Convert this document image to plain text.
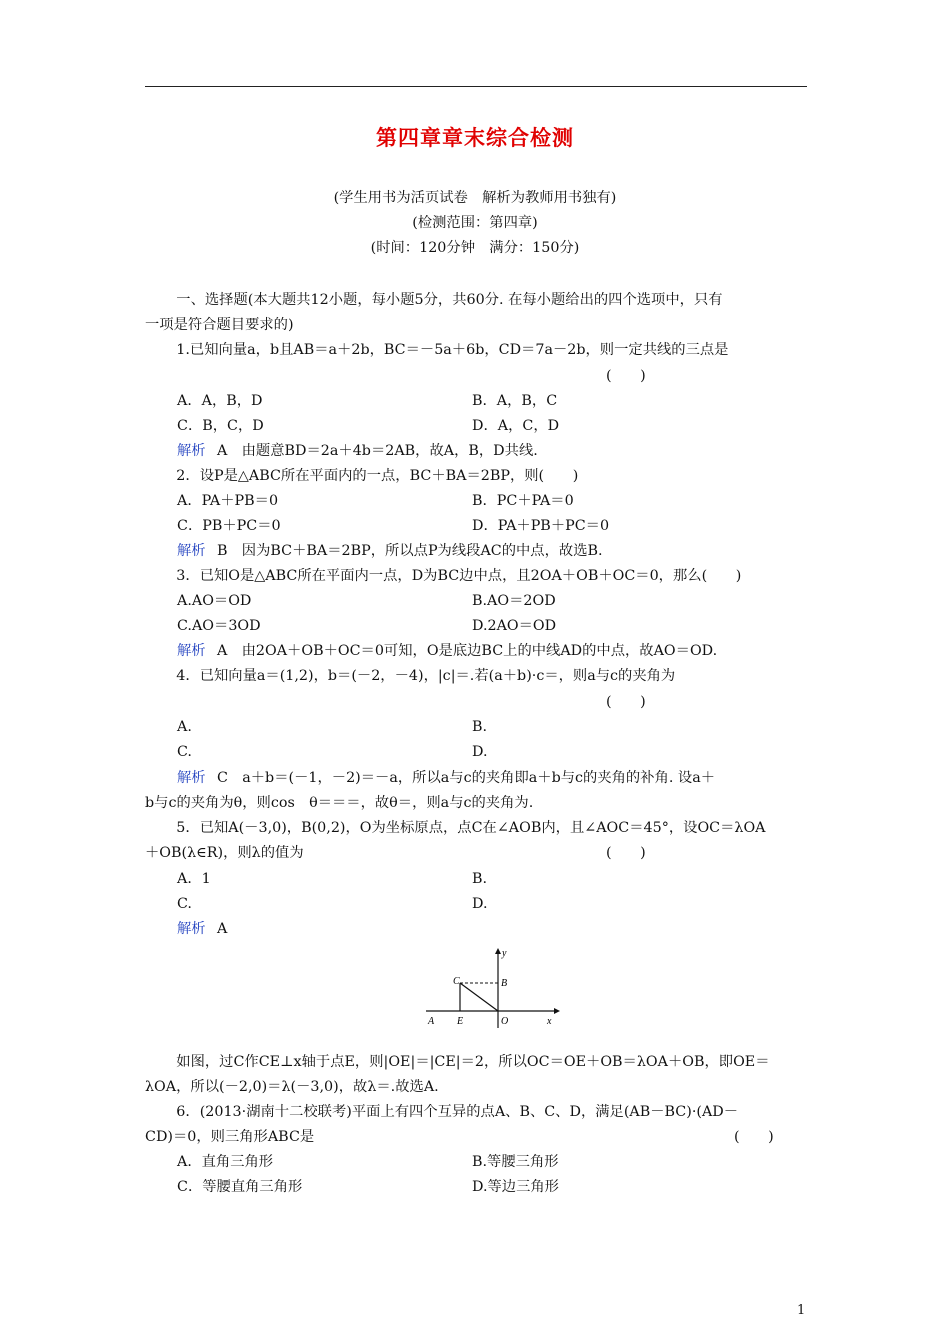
第四章章末综合检测
(学生用书为活页试卷　解析为教师用书独有)
(检测范围：第四章)
(时间：120分钟　满分：150分)
　一、选择题(本大题共12小题，每小题5分，共60分. 在每小题给出的四个选项中，只有
一项是符合题目要求的)
　1.已知向量a，b且AB＝a＋2b，BC＝－5a＋6b，CD＝7a－2b，则一定共线的三点是
(　　)
A．A，B，D	B．A，B，C
C．B，C，D	D．A，C，D
解析 A　由题意BD＝2a＋4b＝2AB，故A，B，D共线.
　2．设P是△ABC所在平面内的一点，BC＋BA＝2BP，则(　　)
A．PA＋PB＝0	B．PC＋PA＝0
C．PB＋PC＝0	D．PA＋PB＋PC＝0
解析 B　因为BC＋BA＝2BP，所以点P为线段AC的中点，故选B.
　3．已知O是△ABC所在平面内一点，D为BC边中点，且2OA＋OB＋OC＝0，那么(　　)
A.AO＝OD	B.AO＝2OD
C.AO＝3OD	D.2AO＝OD
解析 A　由2OA＋OB＋OC＝0可知，O是底边BC上的中线AD的中点，故AO＝OD.
　4．已知向量a＝(1,2)，b＝(－2，－4)，|c|＝.若(a＋b)·c＝，则a与c的夹角为
(　　)
A.	B.
C.	D.
解析 C　a＋b＝(－1，－2)＝－a，所以a与c的夹角即a＋b与c的夹角的补角. 设a＋
b与c的夹角为θ，则cos　θ＝＝＝，故θ＝，则a与c的夹角为.
　5．已知A(－3,0)，B(0,2)，O为坐标原点，点C在∠AOB内，且∠AOC＝45°，设OC＝λOA
＋OB(λ∈R)，则λ的值为	(　　)
A．1	B.
C.	D.
解析 A
y
C	B
A E	O	x
　如图，过C作CE⊥x轴于点E，则|OE|＝|CE|＝2，所以OC＝OE＋OB＝λOA＋OB，即OE＝
λOA，所以(－2,0)＝λ(－3,0)，故λ＝.故选A.
　6．(2013·湖南十二校联考)平面上有四个互异的点A、B、C、D，满足(AB－BC)·(AD－
CD)＝0，则三角形ABC是	(　　)
A．直角三角形	B.等腰三角形
C．等腰直角三角形	D.等边三角形
1
